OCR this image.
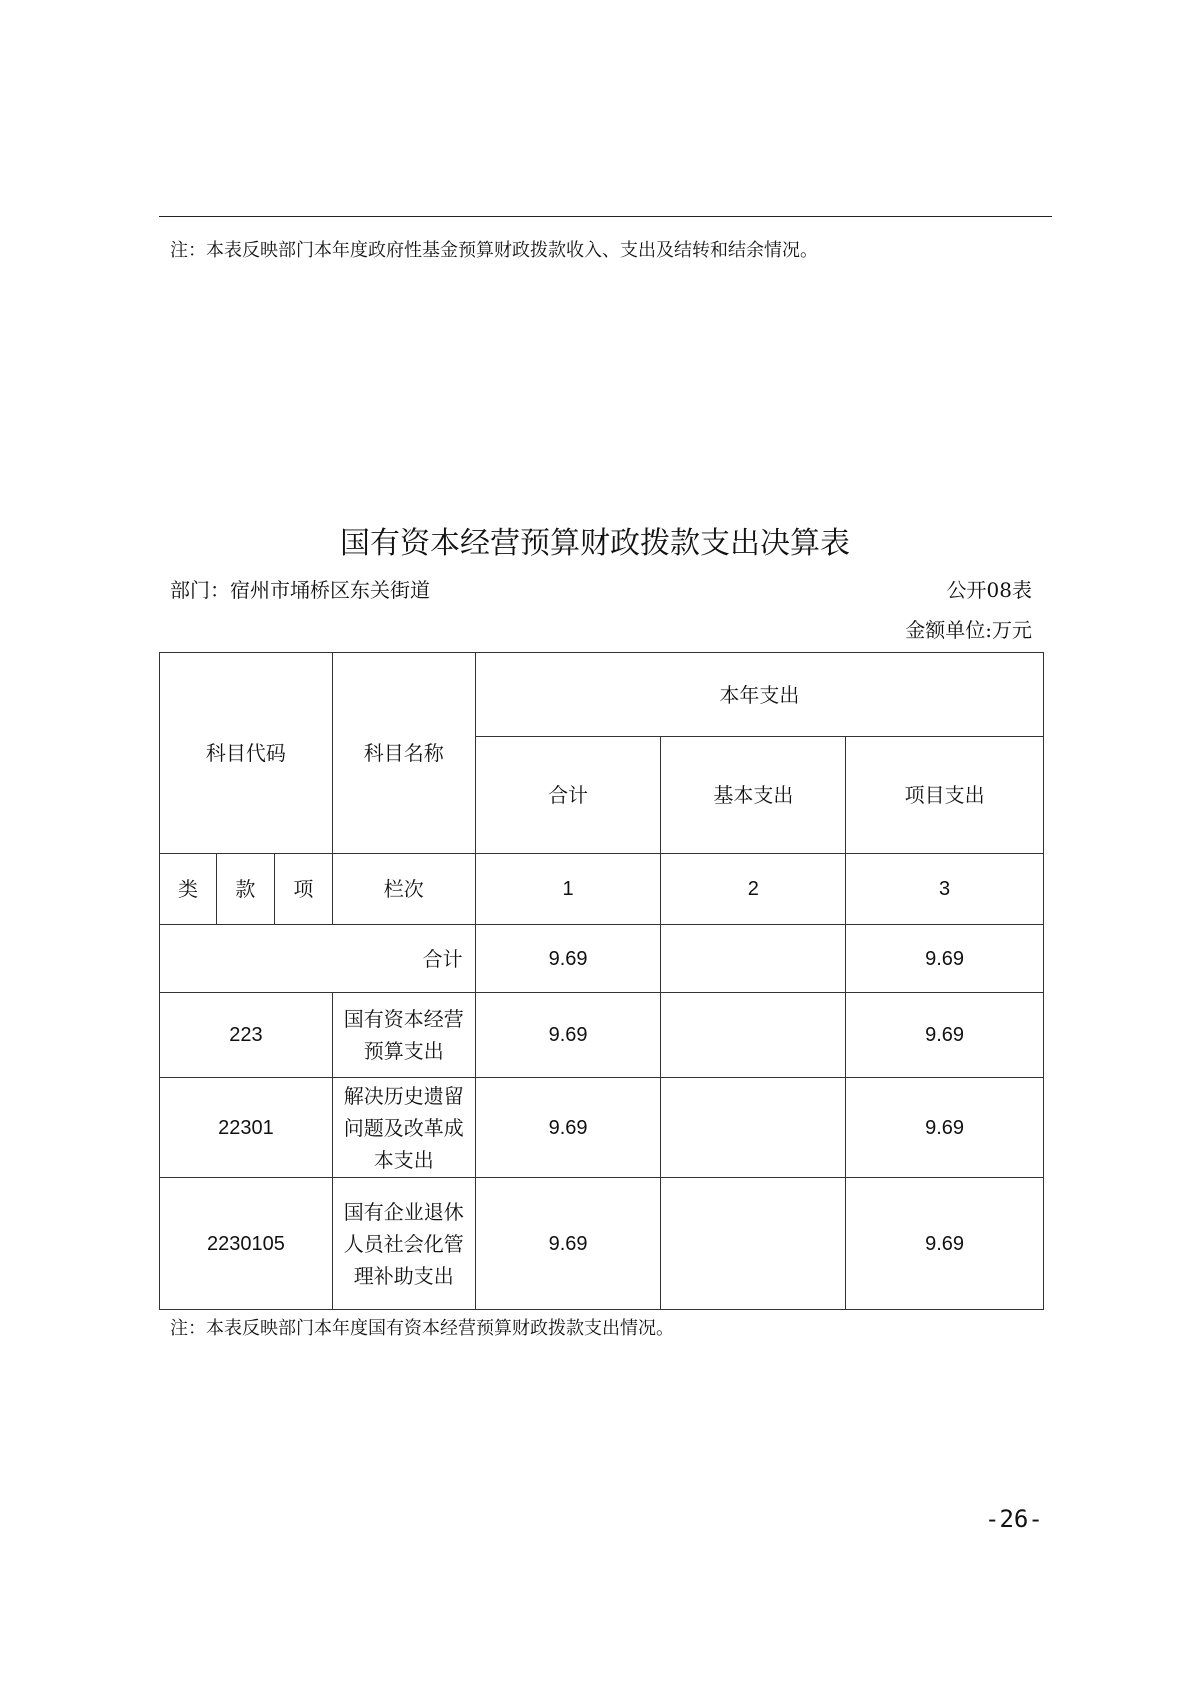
注：本表反映部门本年度政府性基金预算财政拨款收入、支出及结转和结余情况。
国有资本经营预算财政拨款支出决算表
部门：宿州市埇桥区东关街道	公开08表
金额单位:万元
科目代码			科目名称	本年支出		
				合计	基本支出	项目支出
类	款	项	栏次	1	2	3
合计				9.69		9.69
223			国有资本经营预算支出	9.69		9.69
22301			解决历史遗留问题及改革成本支出	9.69		9.69
2230105			国有企业退休人员社会化管理补助支出	9.69		9.69
注：本表反映部门本年度国有资本经营预算财政拨款支出情况。
-26-
